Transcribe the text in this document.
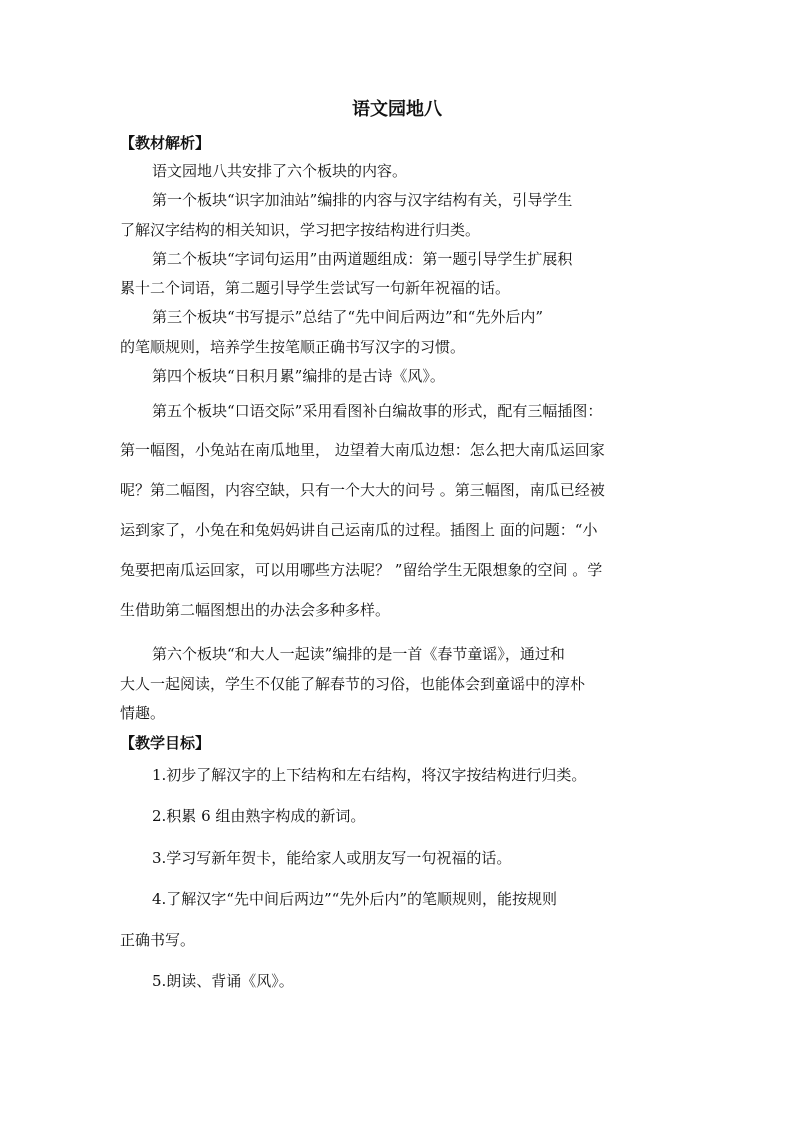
语文园地八
【教材解析】
语文园地八共安排了六个板块的内容。
第一个板块“识字加油站”编排的内容与汉字结构有关，引导学生
了解汉字结构的相关知识，学习把字按结构进行归类。
第二个板块“字词句运用”由两道题组成：第一题引导学生扩展积
累十二个词语，第二题引导学生尝试写一句新年祝福的话。
第三个板块“书写提示”总结了“先中间后两边”和“先外后内”
的笔顺规则，培养学生按笔顺正确书写汉字的习惯。
第四个板块“日积月累”编排的是古诗《风》。
第五个板块“口语交际”采用看图补白编故事的形式，配有三幅插图：
第一幅图，小兔站在南瓜地里， 边望着大南瓜边想：怎么把大南瓜运回家
呢？第二幅图，内容空缺，只有一个大大的问号 。第三幅图，南瓜已经被
运到家了，小兔在和兔妈妈讲自己运南瓜的过程。插图上 面的问题：“小
兔要把南瓜运回家，可以用哪些方法呢？ ”留给学生无限想象的空间 。学
生借助第二幅图想出的办法会多种多样。
第六个板块“和大人一起读”编排的是一首《春节童谣》，通过和
大人一起阅读，学生不仅能了解春节的习俗，也能体会到童谣中的淳朴
情趣。
【教学目标】
1.初步了解汉字的上下结构和左右结构，将汉字按结构进行归类。
2.积累 6 组由熟字构成的新词。
3.学习写新年贺卡，能给家人或朋友写一句祝福的话。
4.了解汉字“先中间后两边”“先外后内”的笔顺规则，能按规则
正确书写。
5.朗读、背诵《风》。
